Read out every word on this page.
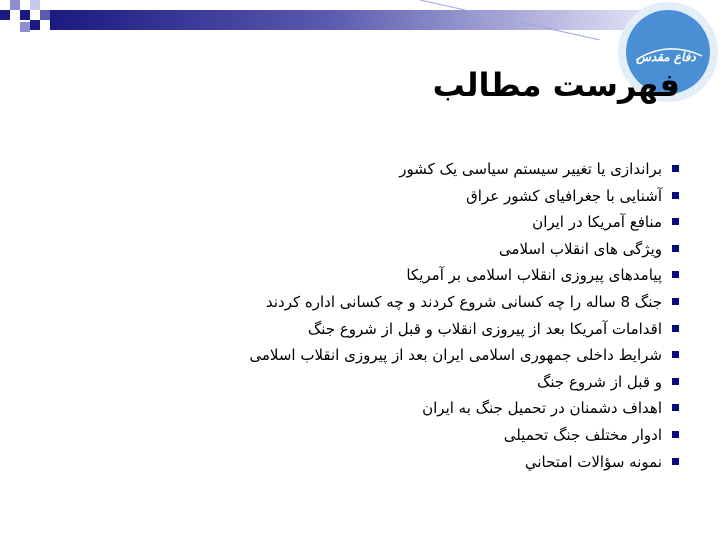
دفاع مقدس
فهرست مطالب
براندازی یا تغییر سیستم سیاسی یک کشور
آشنایی با جغرافیای کشور عراق
منافع آمریکا در ایران
ویژگی های انقلاب اسلامی
پیامدهای پیروزی انقلاب اسلامی بر آمریکا
جنگ 8 ساله را چه کسانی شروع کردند و چه کسانی اداره کردند
اقدامات آمریکا بعد از پیروزی انقلاب و قبل از شروع جنگ
شرایط داخلی جمهوری اسلامی ایران بعد از پیروزی انقلاب اسلامی
و قبل از شروع جنگ
اهداف دشمنان در تحمیل جنگ به ایران
ادوار مختلف جنگ تحمیلی
نمونه سؤالات امتحاني
